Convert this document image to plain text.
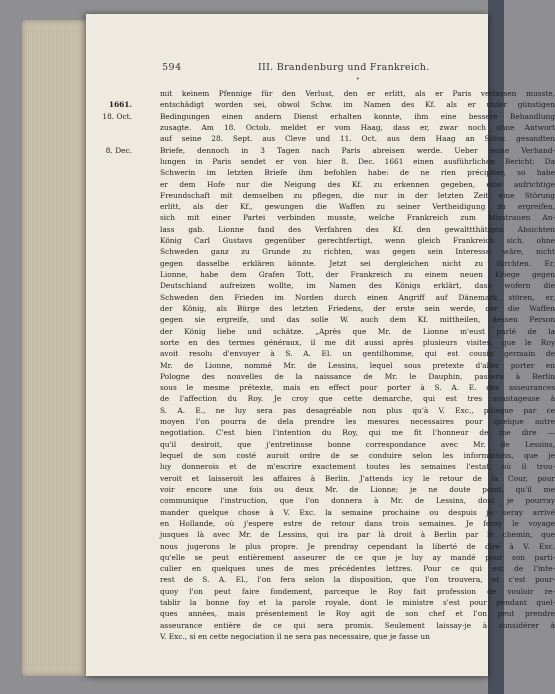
594	III. Brandenburg und Frankreich.
•
mit keinem Pfennige für den Verlust, den er erlitt, als er Paris verlassen musste,
entschädigt worden sei, obwol Schw. im Namen des Kf. als er unter günstigen
Bedingungen einen andern Dienst erhalten konnte, ihm eine bessere Behandlung
zusagte. Am 18. Octob. meldet er vom Haag, dass er, zwar noch ohne Antwort
auf seine 28. Sept. aus Cleve und 11. Oct. aus dem Haag an Schw. gesandten
Briefe, dennoch in 3 Tagen nach Paris abreisen werde. Ueber seine Verhand-
lungen in Paris sendet er von hier 8. Dec. 1661 einen ausführlichen Bericht: Da
Schwerin im letzten Briefe ihm befohlen habe: de ne rien précipiter, so habe
er dem Hofe nur die Neigung des Kf. zu erkennen gegeben, eine aufrichtige
Freundschaft mit demselben zu pflegen, die nur in der letzten Zeit eine Störung
erlitt, als der Kf., gewungen die Waffen zu seiner Vertheidigung zu ergreifen,
sich mit einer Partei verbinden musste, welche Frankreich zum Misstrauen An-
lass gab. Lionne fand des Verfahren des Kf. den gewalttthätigen Absichten
König Carl Gustavs gegenüber gerechtfertigt, wenn gleich Frankreich sich, ohne
Schweden ganz zu Grunde zu richten, was gegen sein Interesse wäre, nicht
gegen dasselbe erklären könnte. Jetzt sei dergleichen nicht zu fürchten. Er,
Lionne, habe dem Grafen Tott, der Frankreich zu einem neuen Kriege gegen
Deutschland aufreizen wollte, im Namen des Königs erklärt, dass wofern die
Schweden den Frieden im Norden durch einen Angriff auf Dänemark stören, er,
der König, als Bürge des letzten Friedens, der erste sein werde, der die Waffen
gegen sie ergreife, und das solle W. auch dem Kf. mittheilen, dessen Person
der König liebe und schätze. „Après que Mr. de Lionne m'eust parlé de la
sorte en des termes généraux, il me dit aussi après plusieurs visites, que le Roy
avoit resolu d'envoyer à S. A. El. un gentilhomme, qui est cousin germain de
Mr. de Lionne, nommé Mr. de Lessins, lequel sous pretexte d'aller porter en
Pologne des nouvelles de la naissance de Mr. le Dauphin, passera à Berlin
sous le mesme prétexte, mais en effect pour porter à S. A. E. des asseurances
de l'affection du Roy. Je croy que cette demarche, qui est tres avantageuse à
S. A. E., ne luy sera pas desagréable non plus qu'à V. Exc., puisque par ce
moyen l'on pourra de dela prendre les mesures necessaires pour quelque autre
negotiation. C'est bien l'intention du Roy, qui me fit l'honneur de me dire —
qu'il desiroit, que j'entretinsse bonne correspondance avec Mr. de Lessins,
lequel de son costé auroit ordre de se conduire selon les informations, que je
luy donnerois et de m'escrire exactement toutes les semaines l'estat, où il trou-
veroit et laisseroit les affaires à Berlin. J'attends icy le retour de la Cour, pour
voir encore une fois ou deux Mr. de Lionne; je ne doute point, qu'il me
communique l'instruction, que l'on donnera à Mr. de Lessins, dont je pourray
mander quelque chose à V. Exc. la semaine prochaine ou despuis je seray arrivé
en Hollande, où j'espere estre de retour dans trois semaines. Je feray le voyage
jusques là avec Mr. de Lessins, qui ira par là droit à Berlin par le chemin, que
nous jugerons le plus propre. Je prendray cependant la liberté de dire à V. Exc.
qu'elle se peut entièrement asseurer de ce que je luy ay mandé pour son parti-
culier en quelques unes de mes précédentes lettres. Pour ce qui est de l'inte-
rest de S. A. El., l'on fera selon la disposition, que l'on trouvera, et c'est pour-
quoy l'on peut faire fondement, parceque le Roy fait profession de vouloir re-
tablir la bonne foy et la parole royale, dont le ministre s'est pour pendant quel-
ques années, mais présentement le Roy agit de son chef et l'on peut prendre
asseurance entière de ce qui sera promis. Seulement laissay-je à considérer à
V. Exc., si en cette negociation il ne sera pas necessaire, que je fasse un
1661.
18. Oct.
8. Dec.
